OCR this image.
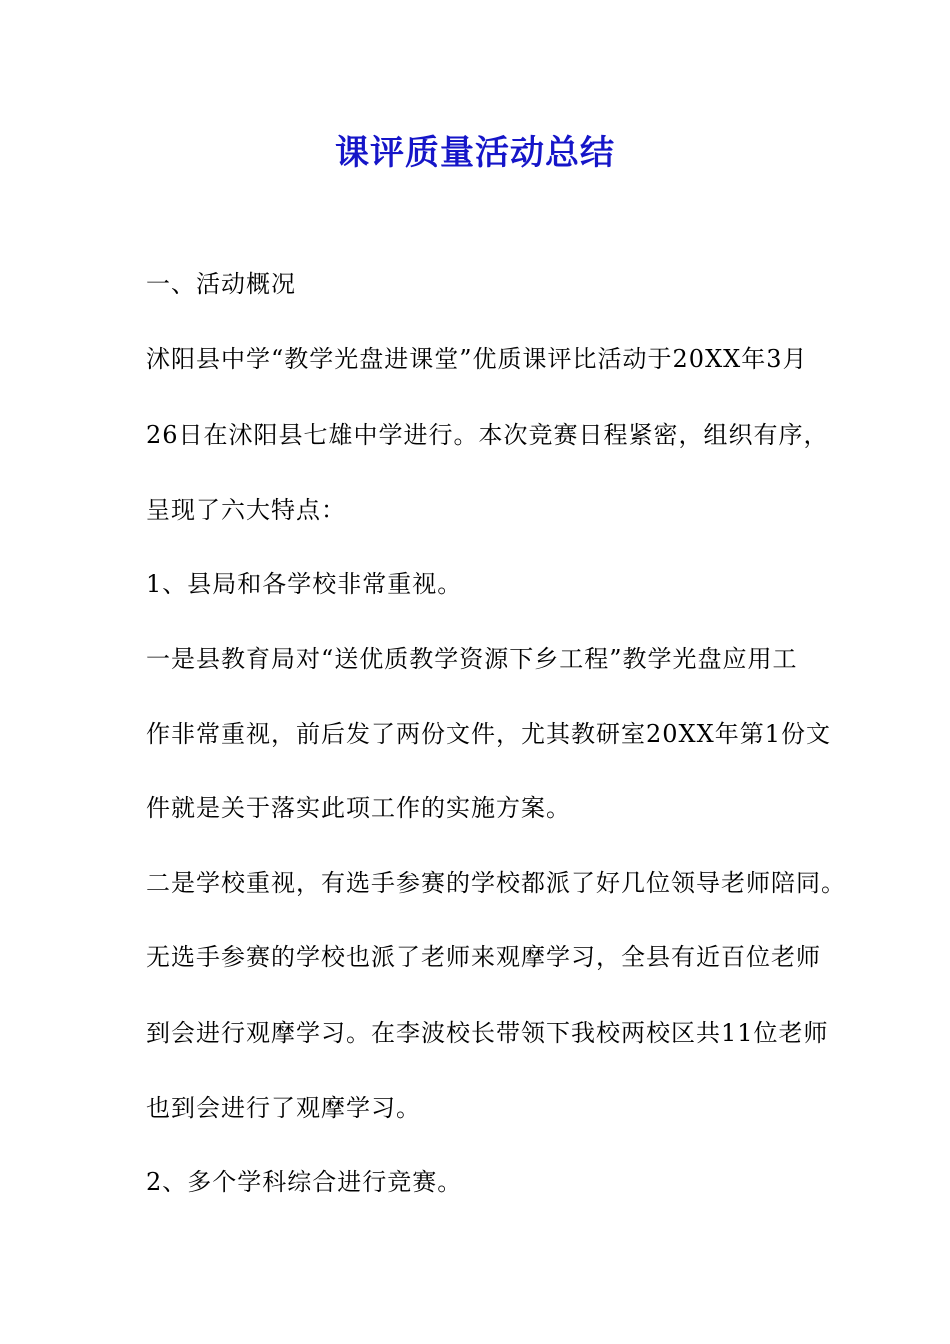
课评质量活动总结
一、活动概况
沭阳县中学“教学光盘进课堂”优质课评比活动于20XX年3月
26日在沭阳县七雄中学进行。本次竞赛日程紧密，组织有序，
呈现了六大特点：
1、县局和各学校非常重视。
一是县教育局对“送优质教学资源下乡工程”教学光盘应用工
作非常重视，前后发了两份文件，尤其教研室20XX年第1份文
件就是关于落实此项工作的实施方案。
二是学校重视，有选手参赛的学校都派了好几位领导老师陪同。
无选手参赛的学校也派了老师来观摩学习，全县有近百位老师
到会进行观摩学习。在李波校长带领下我校两校区共11位老师
也到会进行了观摩学习。
2、多个学科综合进行竞赛。
